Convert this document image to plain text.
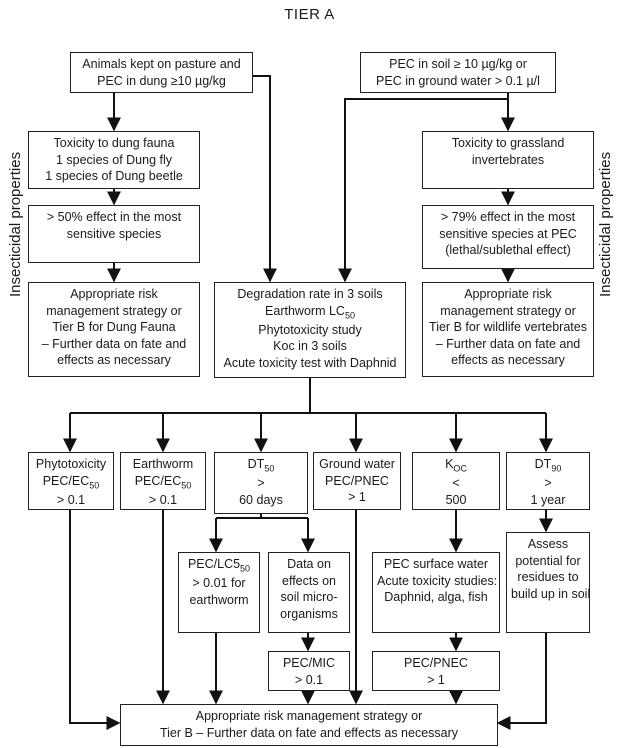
TIER A
Insecticidal properties	Insecticidal properties
Animals kept on pasture and
PEC in dung ≥10 µg/kg
PEC in soil ≥ 10 µg/kg or
PEC in ground water > 0.1 µ/l
Toxicity to dung fauna
1 species of Dung fly
1 species of Dung beetle
Toxicity to grassland
invertebrates
> 50% effect in the most
sensitive species
> 79% effect in the most
sensitive species at PEC
(lethal/sublethal effect)
Appropriate risk
management strategy or
Tier B for Dung Fauna
– Further data on fate and
effects as necessary
Degradation rate in 3 soils
Earthworm $LC_{50}$
Phytotoxicity study
Koc in 3 soils
Acute toxicity test with Daphnid
Appropriate risk
management strategy or
Tier B for wildlife vertebrates
– Further data on fate and
effects as necessary
Phytotoxicity
PEC/$EC_{50}$
> 0.1
Earthworm
PEC/$EC_{50}$
> 0.1
$DT_{50}$
>
60 days
Ground water
PEC/PNEC
> 1
$K_{OC}$
<
500
$DT_{90}$
>
1 year
PEC/$LC5_{50}$
> 0.01 for
earthworm
Data on
effects on
soil micro-
organisms
PEC surface water
Acute toxicity studies:
Daphnid, alga, fish
Assess
potential for
residues to
build up in soil
PEC/MIC
> 0.1
PEC/PNEC
> 1
Appropriate risk management strategy or
Tier B – Further data on fate and effects as necessary
